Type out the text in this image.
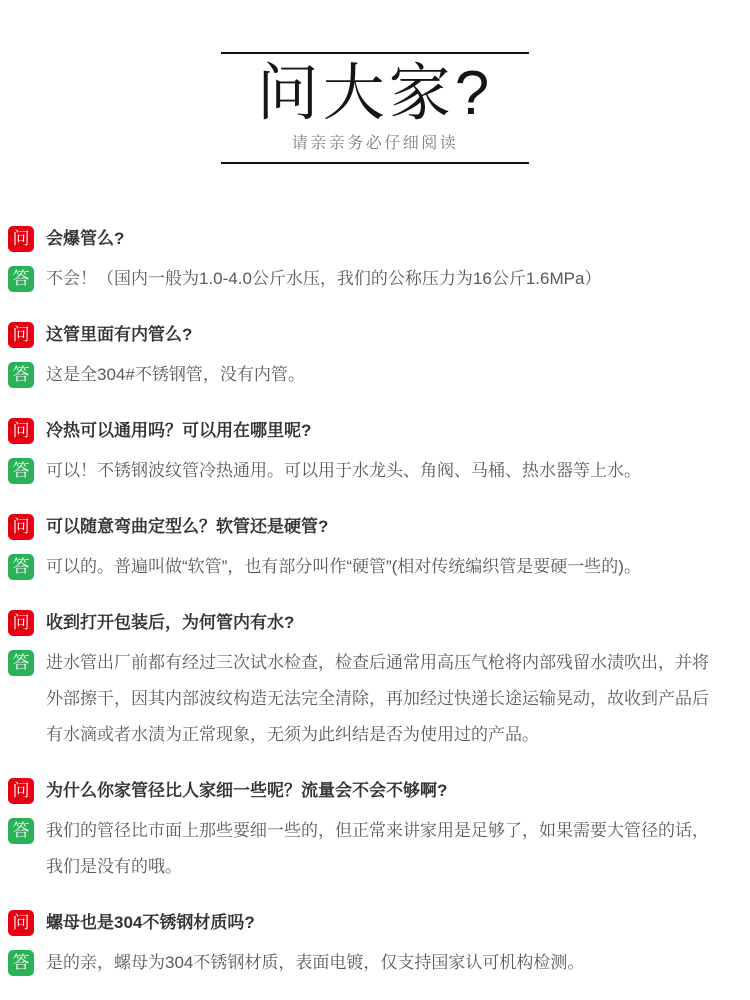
问大家?

请亲亲务必仔细阅读

问 会爆管么?

答 不会！（国内一般为1.0-4.0公斤水压，我们的公称压力为16公斤1.6MPa）

问 这管里面有内管么?

答 这是全304#不锈钢管，没有内管。

问 冷热可以通用吗？可以用在哪里呢?

答 可以！不锈钢波纹管冷热通用。可以用于水龙头、角阀、马桶、热水器等上水。

问 可以随意弯曲定型么？软管还是硬管?

答 可以的。普遍叫做“软管”，也有部分叫作“硬管”(相对传统编织管是要硬一些的)。

问 收到打开包装后，为何管内有水?

答 进水管出厂前都有经过三次试水检查，检查后通常用高压气枪将内部残留水渍吹出，并将外部擦干，因其内部波纹构造无法完全清除，再加经过快递长途运输晃动，故收到产品后有水滴或者水渍为正常现象，无须为此纠结是否为使用过的产品。

问 为什么你家管径比人家细一些呢？流量会不会不够啊?

答 我们的管径比市面上那些要细一些的，但正常来讲家用是足够了，如果需要大管径的话，我们是没有的哦。

问 螺母也是304不锈钢材质吗?

答 是的亲，螺母为304不锈钢材质，表面电镀，仅支持国家认可机构检测。
